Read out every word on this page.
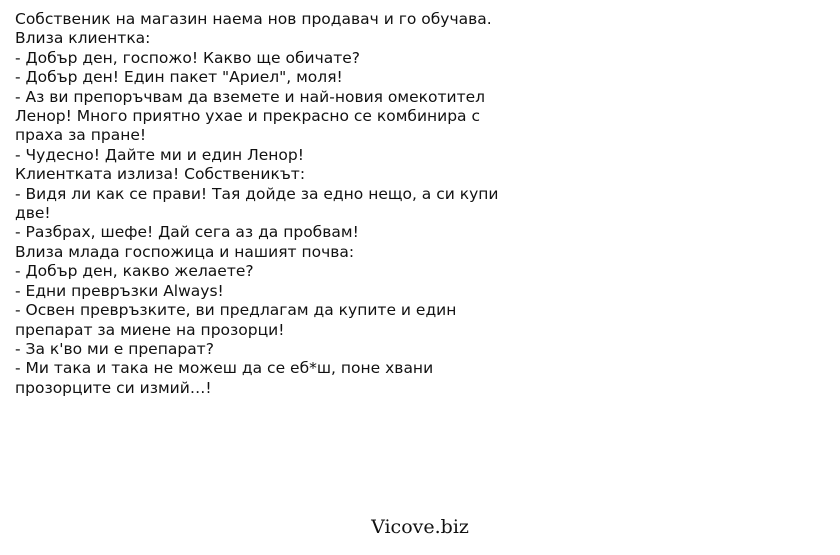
Собственик на магазин наема нов продавач и го обучава.
Влиза клиентка:
- Добър ден, госпожо! Какво ще обичате?
- Добър ден! Един пакет "Ариел", моля!
- Аз ви препоръчвам да вземете и най-новия омекотител
Ленор! Много приятно ухае и прекрасно се комбинира с
праха за пране!
- Чудесно! Дайте ми и един Ленор!
Клиентката излиза! Собственикът:
- Видя ли как се прави! Тая дойде за едно нещо, а си купи
две!
- Разбрах, шефе! Дай сега аз да пробвам!
Влиза млада госпожица и нашият почва:
- Добър ден, какво желаете?
- Едни превръзки Always!
- Освен превръзките, ви предлагам да купите и един
препарат за миене на прозорци!
- За к'во ми е препарат?
- Ми така и така не можеш да се еб*ш, поне хвани
прозорците си измий…!
Vicove.biz
